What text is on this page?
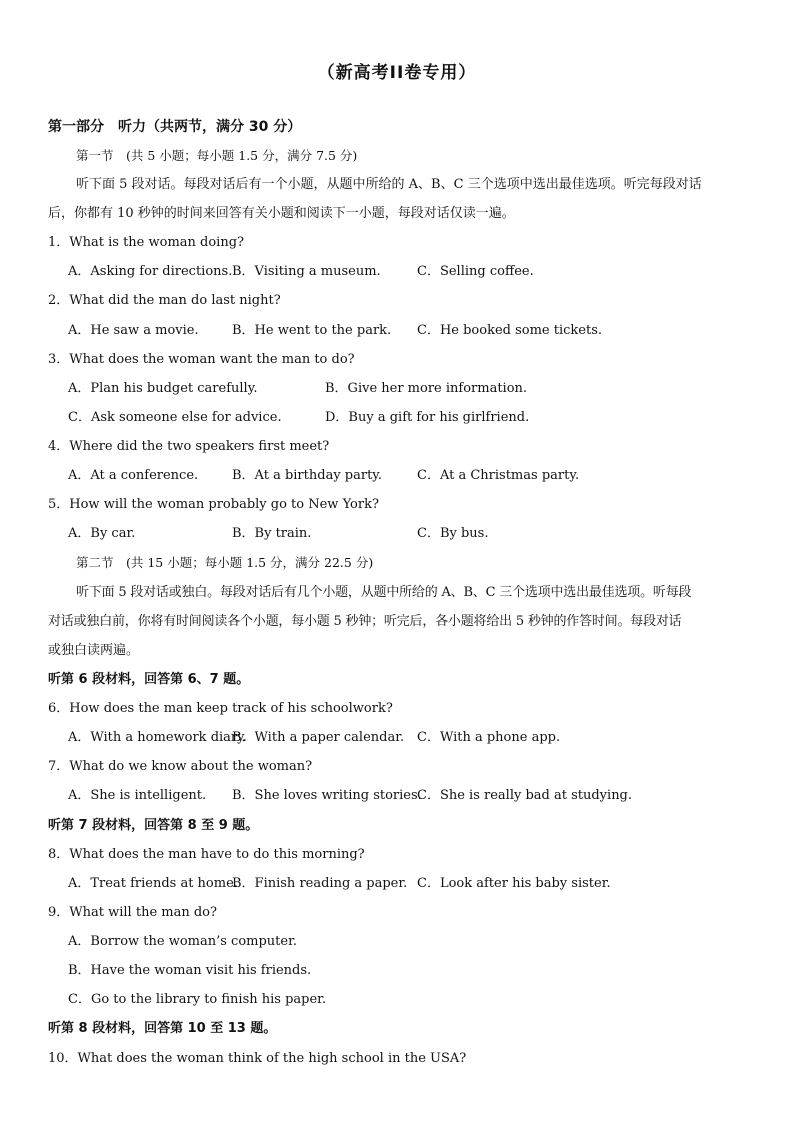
（新高考II卷专用）
第一部分　听力（共两节，满分 30 分）
第一节　(共 5 小题；每小题 1.5 分，满分 7.5 分)
听下面 5 段对话。每段对话后有一个小题，从题中所给的 A、B、C 三个选项中选出最佳选项。听完每段对话
后，你都有 10 秒钟的时间来回答有关小题和阅读下一小题，每段对话仅读一遍。
1．What is the woman doing?
A．Asking for directions. B．Visiting a museum.	C．Selling coffee.
2．What did the man do last night?
A．He saw a movie.	B．He went to the park. C．He booked some tickets.
3．What does the woman want the man to do?
A．Plan his budget carefully.	B．Give her more information.
C．Ask someone else for advice.	D．Buy a gift for his girlfriend.
4．Where did the two speakers first meet?
A．At a conference.	B．At a birthday party.	C．At a Christmas party.
5．How will the woman probably go to New York?
A．By car.	B．By train.	C．By bus.
第二节　(共 15 小题；每小题 1.5 分，满分 22.5 分)
听下面 5 段对话或独白。每段对话后有几个小题，从题中所给的 A、B、C 三个选项中选出最佳选项。听每段
对话或独白前，你将有时间阅读各个小题，每小题 5 秒钟；听完后，各小题将给出 5 秒钟的作答时间。每段对话
或独白读两遍。
听第 6 段材料，回答第 6、7 题。
6．How does the man keep track of his schoolwork?
A．With a homework diary.
B．With a paper calendar. C．With a phone app.
7．What do we know about the woman?
A．She is intelligent. B．She loves writing stories.
C．She is really bad at studying.
听第 7 段材料，回答第 8 至 9 题。
8．What does the man have to do this morning?
A．Treat friends at home.
B．Finish reading a paper. C．Look after his baby sister.
9．What will the man do?
A．Borrow the woman’s computer.
B．Have the woman visit his friends.
C．Go to the library to finish his paper.
听第 8 段材料，回答第 10 至 13 题。
10．What does the woman think of the high school in the USA?
